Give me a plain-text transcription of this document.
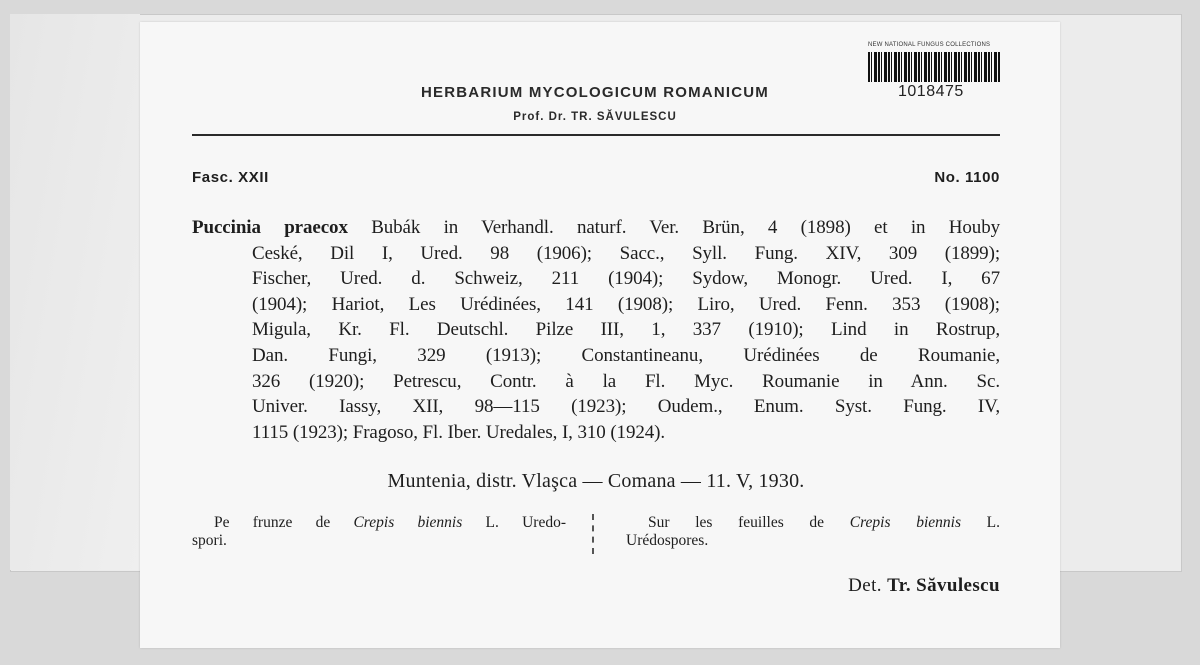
HERBARIUM MYCOLOGICUM ROMANICUM
Prof. Dr. TR. SĂVULESCU
NEW NATIONAL FUNGUS COLLECTIONS
1018475
Fasc. XXII	No. 1100
Puccinia praecox Bubák in Verhandl. naturf. Ver. Brün, 4 (1898) et in Houby
Ceské, Dil I, Ured. 98 (1906); Sacc., Syll. Fung. XIV, 309 (1899);
Fischer, Ured. d. Schweiz, 211 (1904); Sydow, Monogr. Ured. I, 67
(1904); Hariot, Les Urédinées, 141 (1908); Liro, Ured. Fenn. 353 (1908);
Migula, Kr. Fl. Deutschl. Pilze III, 1, 337 (1910); Lind in Rostrup,
Dan. Fungi, 329 (1913); Constantineanu, Urédinées de Roumanie,
326 (1920); Petrescu, Contr. à la Fl. Myc. Roumanie in Ann. Sc.
Univer. Iassy, XII, 98—115 (1923); Oudem., Enum. Syst. Fung. IV,
1115 (1923); Fragoso, Fl. Iber. Uredales, I, 310 (1924).
Muntenia, distr. Vlaşca — Comana — 11. V, 1930.
Pe frunze de Crepis biennis L. Uredo-
spori.
Sur les feuilles de Crepis biennis L.
Urédospores.
Det. Tr. Săvulescu
